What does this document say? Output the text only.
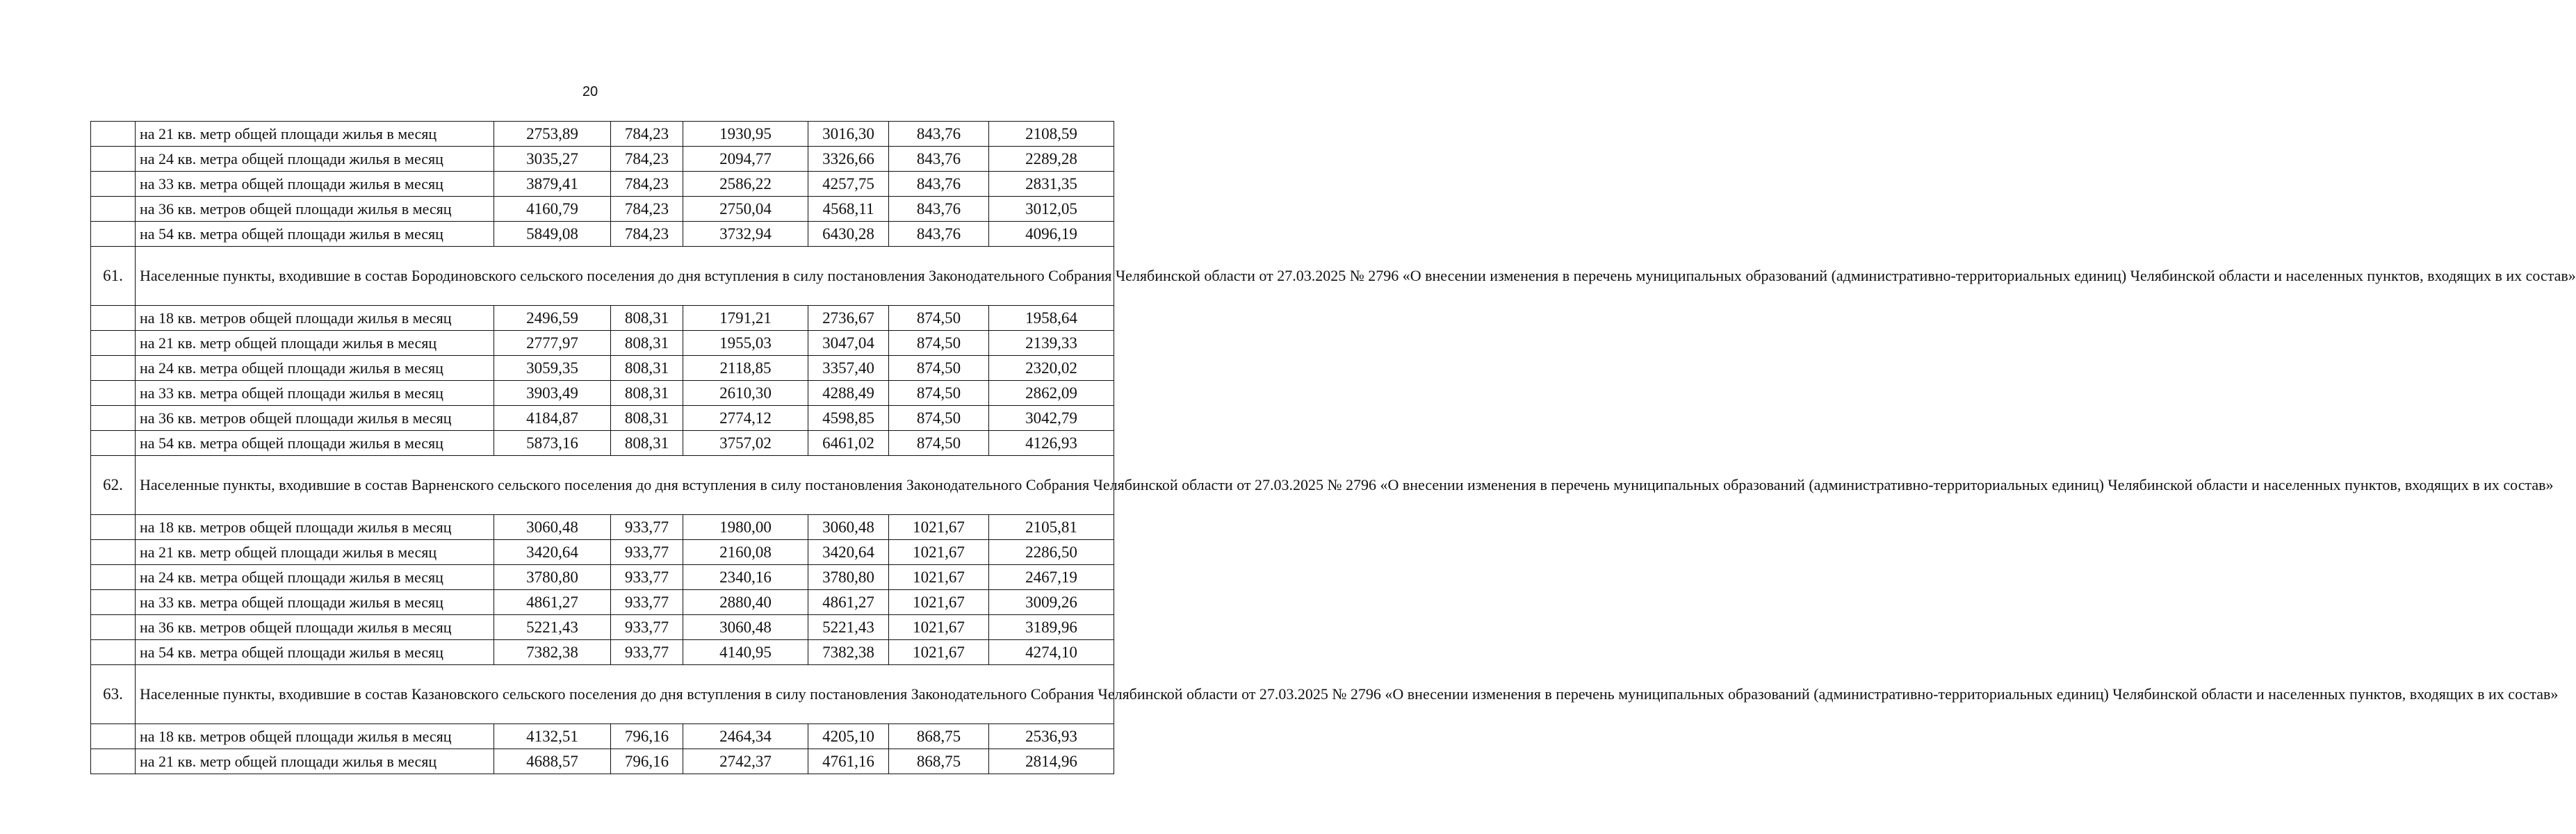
20
	на 21 кв. метр общей площади жилья в месяц	2753,89	784,23	1930,95	3016,30	843,76	2108,59
	на 24 кв. метра общей площади жилья в месяц	3035,27	784,23	2094,77	3326,66	843,76	2289,28
	на 33 кв. метра общей площади жилья в месяц	3879,41	784,23	2586,22	4257,75	843,76	2831,35
	на 36 кв. метров общей площади жилья в месяц	4160,79	784,23	2750,04	4568,11	843,76	3012,05
	на 54 кв. метра общей площади жилья в месяц	5849,08	784,23	3732,94	6430,28	843,76	4096,19
61.	Населенные пункты, входившие в состав Бородиновского сельского поселения до дня вступления в силу постановления Законодательного Собрания Челябинской области от 27.03.2025 № 2796 «О внесении изменения в перечень муниципальных образований (административно-территориальных единиц) Челябинской области и населенных пунктов, входящих в их состав»						
	на 18 кв. метров общей площади жилья в месяц	2496,59	808,31	1791,21	2736,67	874,50	1958,64
	на 21 кв. метр общей площади жилья в месяц	2777,97	808,31	1955,03	3047,04	874,50	2139,33
	на 24 кв. метра общей площади жилья в месяц	3059,35	808,31	2118,85	3357,40	874,50	2320,02
	на 33 кв. метра общей площади жилья в месяц	3903,49	808,31	2610,30	4288,49	874,50	2862,09
	на 36 кв. метров общей площади жилья в месяц	4184,87	808,31	2774,12	4598,85	874,50	3042,79
	на 54 кв. метра общей площади жилья в месяц	5873,16	808,31	3757,02	6461,02	874,50	4126,93
62.	Населенные пункты, входившие в состав Варненского сельского поселения до дня вступления в силу постановления Законодательного Собрания Челябинской области от 27.03.2025 № 2796 «О внесении изменения в перечень муниципальных образований (административно-территориальных единиц) Челябинской области и населенных пунктов, входящих в их состав»						
	на 18 кв. метров общей площади жилья в месяц	3060,48	933,77	1980,00	3060,48	1021,67	2105,81
	на 21 кв. метр общей площади жилья в месяц	3420,64	933,77	2160,08	3420,64	1021,67	2286,50
	на 24 кв. метра общей площади жилья в месяц	3780,80	933,77	2340,16	3780,80	1021,67	2467,19
	на 33 кв. метра общей площади жилья в месяц	4861,27	933,77	2880,40	4861,27	1021,67	3009,26
	на 36 кв. метров общей площади жилья в месяц	5221,43	933,77	3060,48	5221,43	1021,67	3189,96
	на 54 кв. метра общей площади жилья в месяц	7382,38	933,77	4140,95	7382,38	1021,67	4274,10
63.	Населенные пункты, входившие в состав Казановского сельского поселения до дня вступления в силу постановления Законодательного Собрания Челябинской области от 27.03.2025 № 2796 «О внесении изменения в перечень муниципальных образований (административно-территориальных единиц) Челябинской области и населенных пунктов, входящих в их состав»						
	на 18 кв. метров общей площади жилья в месяц	4132,51	796,16	2464,34	4205,10	868,75	2536,93
	на 21 кв. метр общей площади жилья в месяц	4688,57	796,16	2742,37	4761,16	868,75	2814,96
